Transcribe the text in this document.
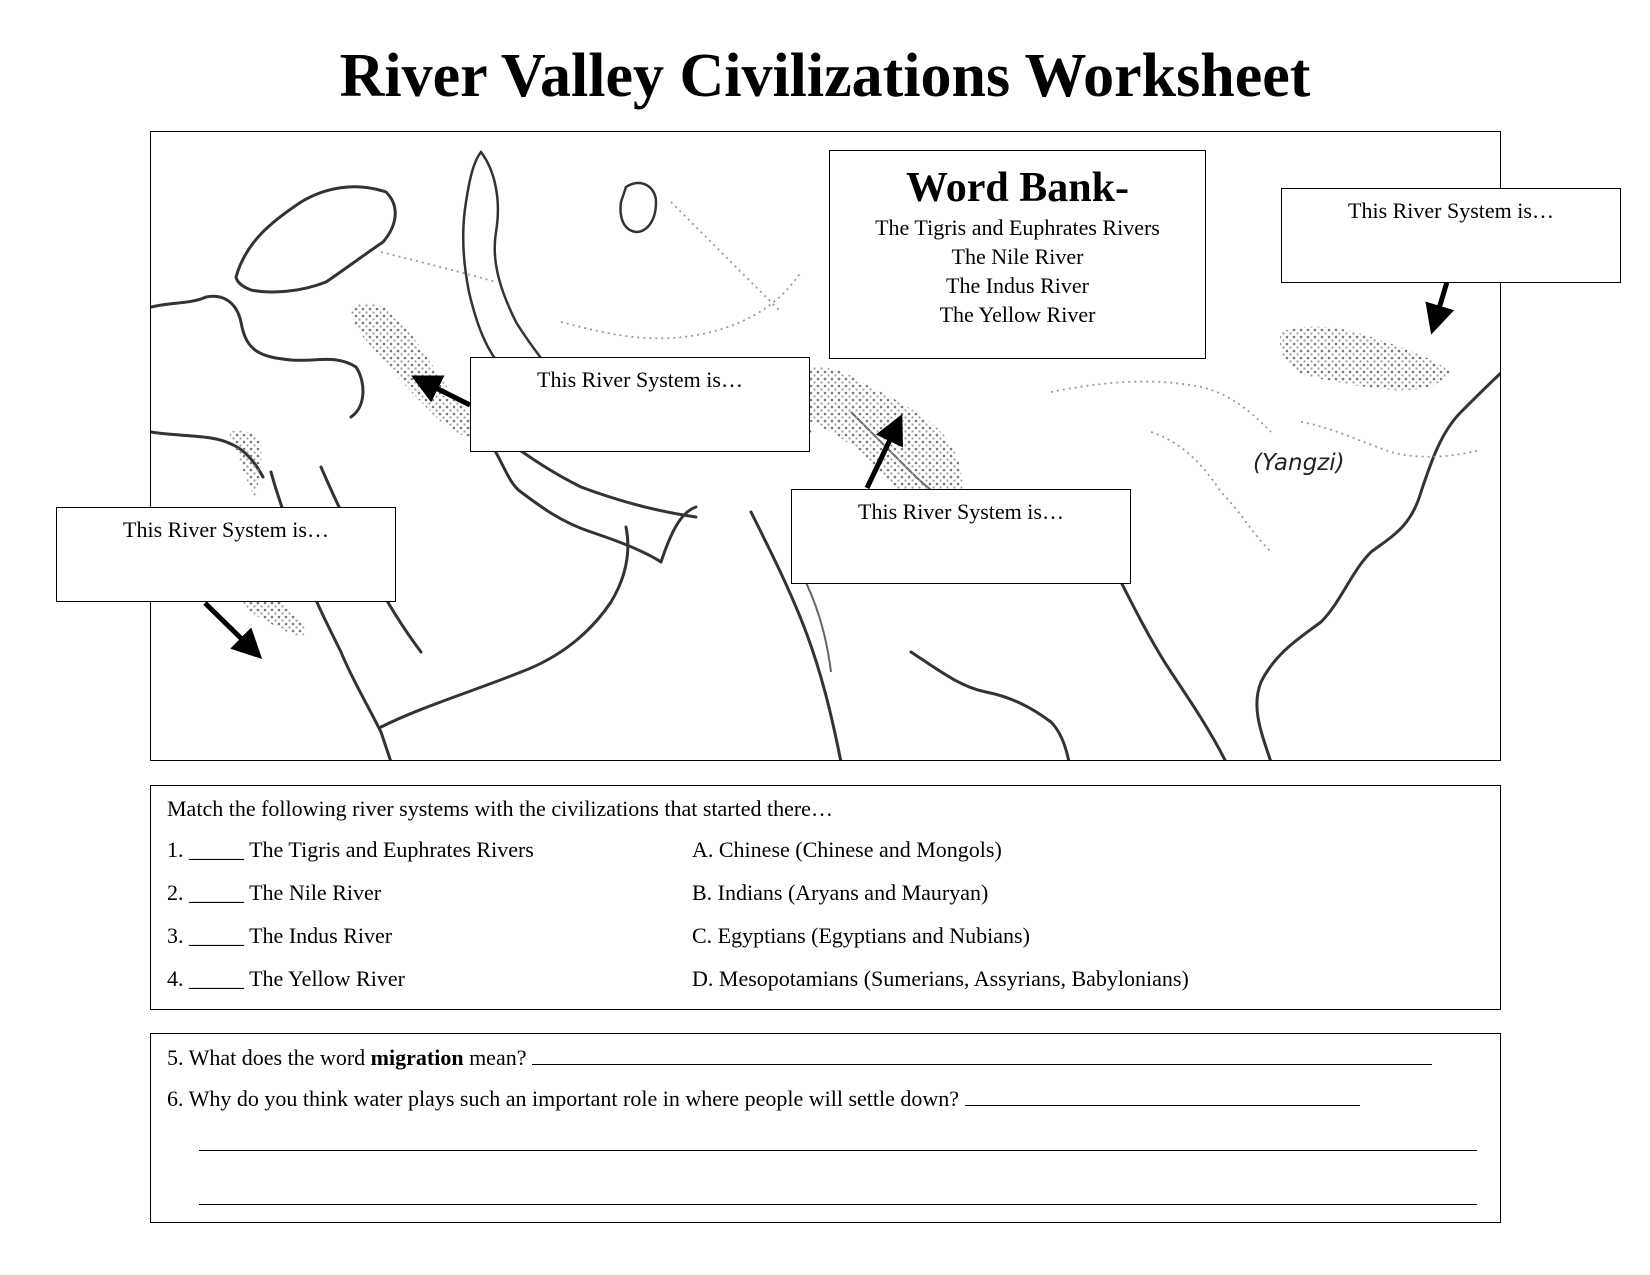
River Valley Civilizations Worksheet
(Yangzi)
Word Bank-
The Tigris and Euphrates Rivers
The Nile River
The Indus River
The Yellow River
This River System is…
This River System is…
This River System is…
This River System is…
Match the following river systems with the civilizations that started there…
1. _____ The Tigris and Euphrates Rivers
2. _____ The Nile River
3. _____ The Indus River
4. _____ The Yellow River
A. Chinese (Chinese and Mongols)
B. Indians (Aryans and Mauryan)
C. Egyptians (Egyptians and Nubians)
D. Mesopotamians (Sumerians, Assyrians, Babylonians)
5. What does the word migration mean?
6. Why do you think water plays such an important role in where people will settle down?
